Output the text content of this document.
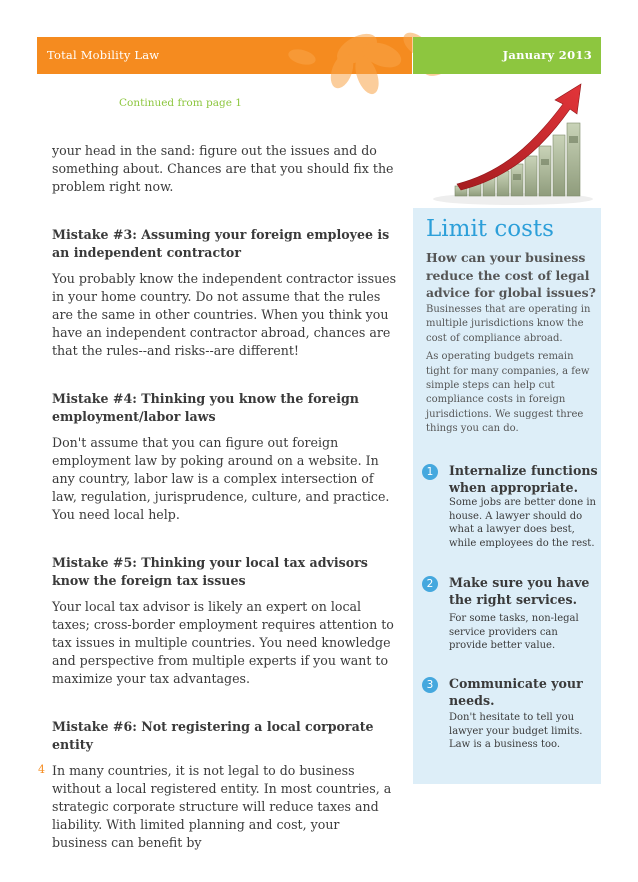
Total Mobility Law	January 2013
Continued from page 1

your head in the sand: figure out the issues and do something about. Chances are that you should fix the problem right now.

Mistake #3: Assuming your foreign employee is an independent contractor

You probably know the independent contractor issues in your home country. Do not assume that the rules are the same in other countries. When you think you have an independent contractor abroad, chances are that the rules--and risks--are different!

Mistake #4: Thinking you know the foreign employment/labor laws

Don't assume that you can figure out foreign employment law by poking around on a website. In any country, labor law is a complex intersection of law, regulation, jurisprudence, culture, and practice. You need local help.

Mistake #5: Thinking your local tax advisors know the foreign tax issues

Your local tax advisor is likely an expert on local taxes; cross-border employment requires attention to tax issues in multiple countries. You need knowledge and perspective from multiple experts if you want to maximize your tax advantages.

Mistake #6: Not registering a local corporate entity

In many countries, it is not legal to do business without a local registered entity. In most countries, a strategic corporate structure will reduce taxes and liability. With limited planning and cost, your business can benefit by

4
Limit costs
How can your business reduce the cost of legal advice for global issues?

Businesses that are operating in multiple jurisdictions know the cost of compliance abroad.

As operating budgets remain tight for many companies, a few simple steps can help cut compliance costs in foreign jurisdictions. We suggest three things you can do.

1	Internalize functions when appropriate.
Some jobs are better done in house. A lawyer should do what a lawyer does best, while employees do the rest.
2	Make sure you have the right services.
For some tasks, non-legal service providers can provide better value.
3	Communicate your needs.
Don't hesitate to tell you lawyer your budget limits. Law is a business too.
